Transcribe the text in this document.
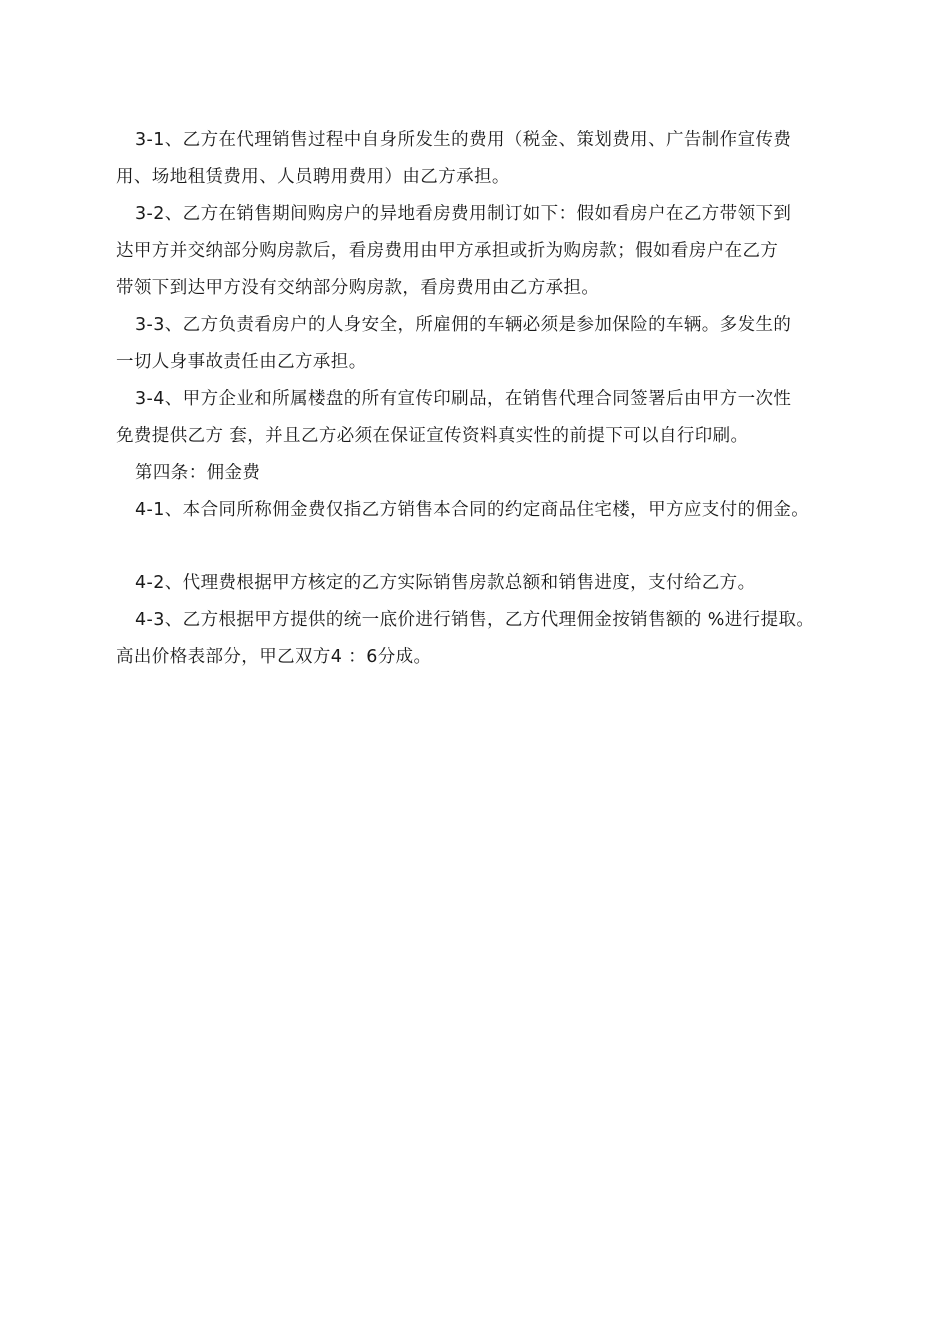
3-1、乙方在代理销售过程中自身所发生的费用（税金、策划费用、广告制作宣传费
用、场地租赁费用、人员聘用费用）由乙方承担。
3-2、乙方在销售期间购房户的异地看房费用制订如下：假如看房户在乙方带领下到
达甲方并交纳部分购房款后，看房费用由甲方承担或折为购房款；假如看房户在乙方
带领下到达甲方没有交纳部分购房款，看房费用由乙方承担。
3-3、乙方负责看房户的人身安全，所雇佣的车辆必须是参加保险的车辆。多发生的
一切人身事故责任由乙方承担。
3-4、甲方企业和所属楼盘的所有宣传印刷品，在销售代理合同签署后由甲方一次性
免费提供乙方 套，并且乙方必须在保证宣传资料真实性的前提下可以自行印刷。
第四条：佣金费
4-1、本合同所称佣金费仅指乙方销售本合同的约定商品住宅楼，甲方应支付的佣金。
4-2、代理费根据甲方核定的乙方实际销售房款总额和销售进度，支付给乙方。
4-3、乙方根据甲方提供的统一底价进行销售，乙方代理佣金按销售额的 %进行提取。
高出价格表部分，甲乙双方4 ：6分成。
